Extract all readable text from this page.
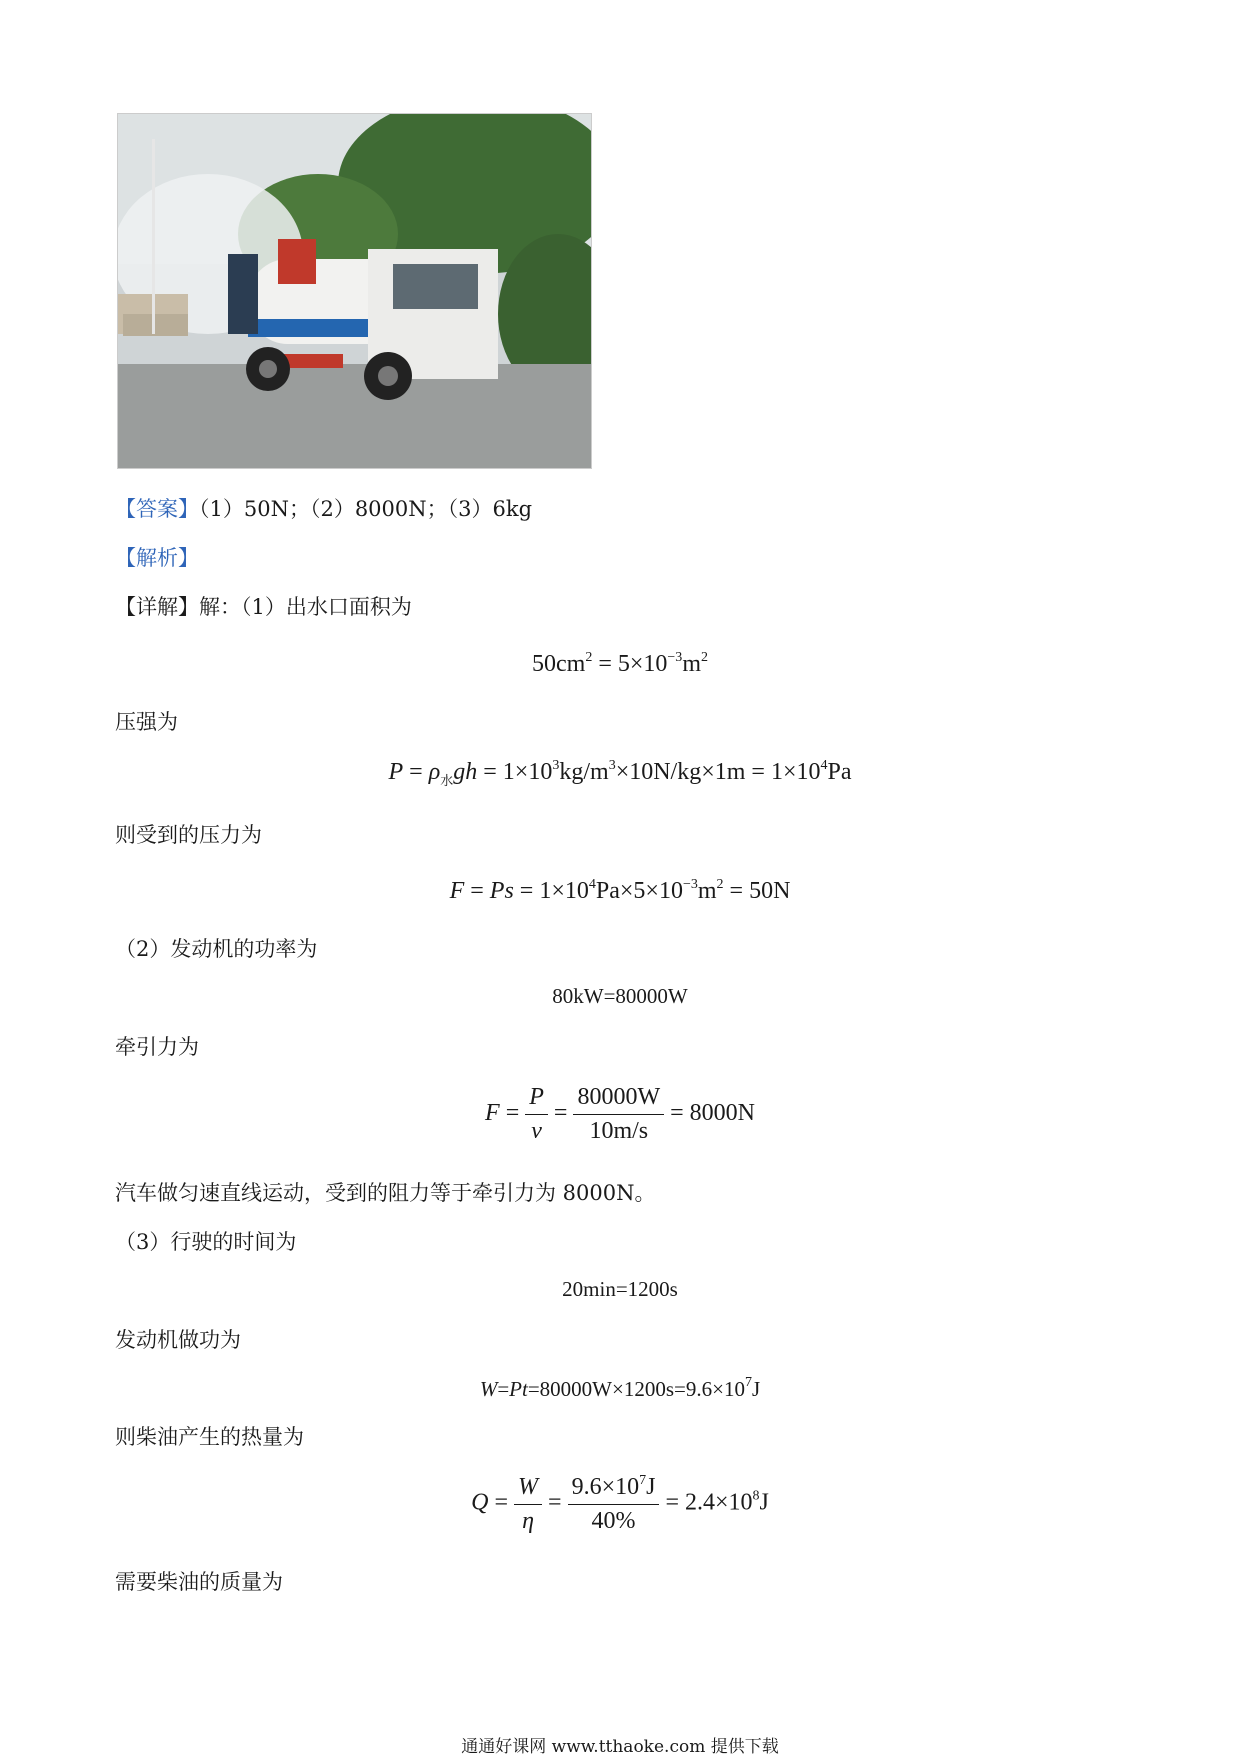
【答案】（1）50N；（2）8000N；（3）6kg
【解析】
【详解】解：（1）出水口面积为
$50cm^2 = 5\times 10^{-3}m^2$
压强为
$P = \rho_水gh = 1\times 10^3kg/m^3\times 10N/kg\times 1m = 1\times 10^4Pa$
则受到的压力为
$F = Ps = 1\times 10^4Pa\times 5\times 10^{-3}m^2 = 50N$
（2）发动机的功率为
80kW=80000W
牵引力为
$F = \frac{P}{v} = \frac{80000W}{10m/s} = 8000N$
汽车做匀速直线运动，受到的阻力等于牵引力为 8000N。
（3）行驶的时间为
20min=1200s
发动机做功为
$W=Pt=80000W\times 1200s=9.6\times 10^7J$
则柴油产生的热量为
$Q = \frac{W}{\eta} = \frac{9.6\times 10^7J}{40\%} = 2.4\times 10^8J$
需要柴油的质量为
通通好课网 www.tthaoke.com 提供下载
